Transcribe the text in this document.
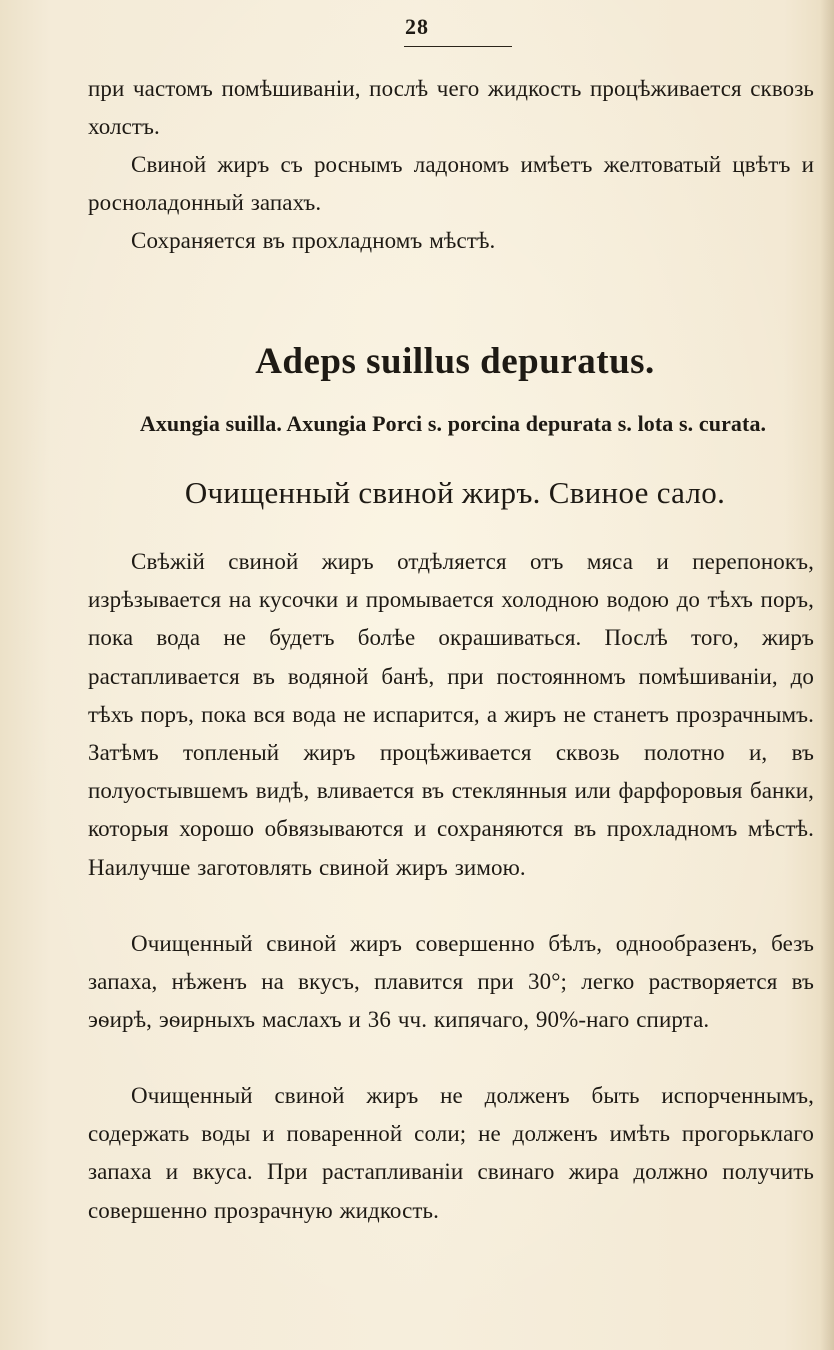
28

при частомъ помѣшиванiи, послѣ чего жидкость процѣживается сквозь холстъ.

Свиной жиръ съ роснымъ ладономъ имѣетъ желтоватый цвѣтъ и росноладонный запахъ.

Сохраняется въ прохладномъ мѣстѣ.

Adeps suillus depuratus.
Axungia suilla. Axungia Porci s. porcina depurata s. lota s. curata.
Очищенный свиной жиръ. Свиное сало.

Свѣжiй свиной жиръ отдѣляется отъ мяса и перепонокъ, изрѣзывается на кусочки и промывается холодною водою до тѣхъ поръ, пока вода не будетъ болѣе окрашиваться. Послѣ того, жиръ растапливается въ водяной банѣ, при постоянномъ помѣшиванiи, до тѣхъ поръ, пока вся вода не испарится, а жиръ не станетъ прозрачнымъ. Затѣмъ топленый жиръ процѣживается сквозь полотно и, въ полуостывшемъ видѣ, вливается въ стеклянныя или фарфоровыя банки, которыя хорошо обвязываются и сохраняются въ прохладномъ мѣстѣ. Наилучше заготовлять свиной жиръ зимою.

Очищенный свиной жиръ совершенно бѣлъ, однообразенъ, безъ запаха, нѣженъ на вкусъ, плавится при 30°; легко растворяется въ эѳирѣ, эѳирныхъ маслахъ и 36 чч. кипячаго, 90%-наго спирта.

Очищенный свиной жиръ не долженъ быть испорченнымъ, содержать воды и поваренной соли; не долженъ имѣть прогорьклаго запаха и вкуса. При растапливанiи свинаго жира должно получить совершенно прозрачную жидкость.
